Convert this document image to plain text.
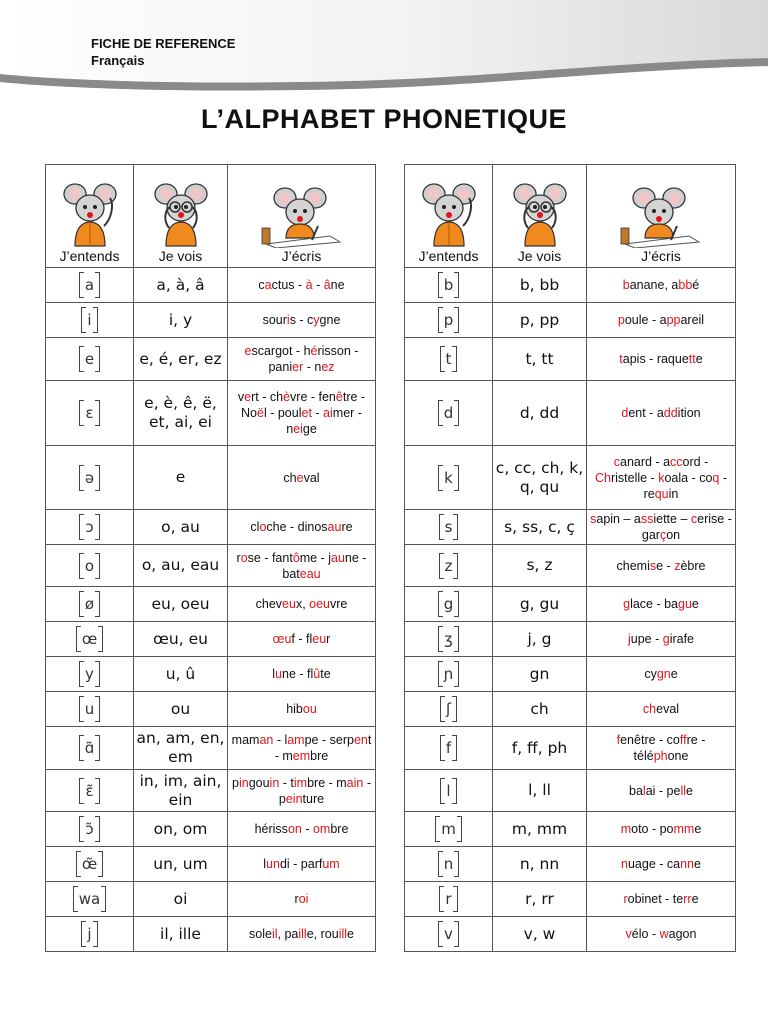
FICHE DE REFERENCE
Français
L’ALPHABET PHONETIQUE
J’entends	Je vois	J’écris

a	a, à, â	cactus - à - âne
i	i, y	souris - cygne
e	e, é, er, ez	escargot - hérisson - panier - nez
ɛ	e, è, ê, ë, et, ai, ei	vert - chèvre - fenêtre - Noël - poulet - aimer - neige
ə	e	cheval
ɔ	o, au	cloche - dinosaure
o	o, au, eau	rose - fantôme - jaune - bateau
ø	eu, oeu	cheveux, oeuvre
œ	œu, eu	œuf - fleur
y	u, û	lune - flûte
u	ou	hibou
ɑ̃	an, am, en, em	maman - lampe - serpent - membre
ɛ̃	in, im, ain, ein	pingouin - timbre - main - peinture
ɔ̃	on, om	hérisson - ombre
œ̃	un, um	lundi - parfum
wa	oi	roi
j	il, ille	soleil, paille, rouille
J’entends	Je vois	J’écris

b	b, bb	banane, abbé
p	p, pp	poule - appareil
t	t, tt	tapis - raquette
d	d, dd	dent - addition
k	c, cc, ch, k, q, qu	canard - accord - Christelle - koala - coq - requin
s	s, ss, c, ç	sapin – assiette – cerise - garçon
z	s, z	chemise - zèbre
g	g, gu	glace - bague
ʒ	j, g	jupe - girafe
ɲ	gn	cygne
ʃ	ch	cheval
f	f, ff, ph	fenêtre - coffre - téléphone
l	l, ll	balai - pelle
m	m, mm	moto - pomme
n	n, nn	nuage - canne
r	r, rr	robinet - terre
v	v, w	vélo - wagon
